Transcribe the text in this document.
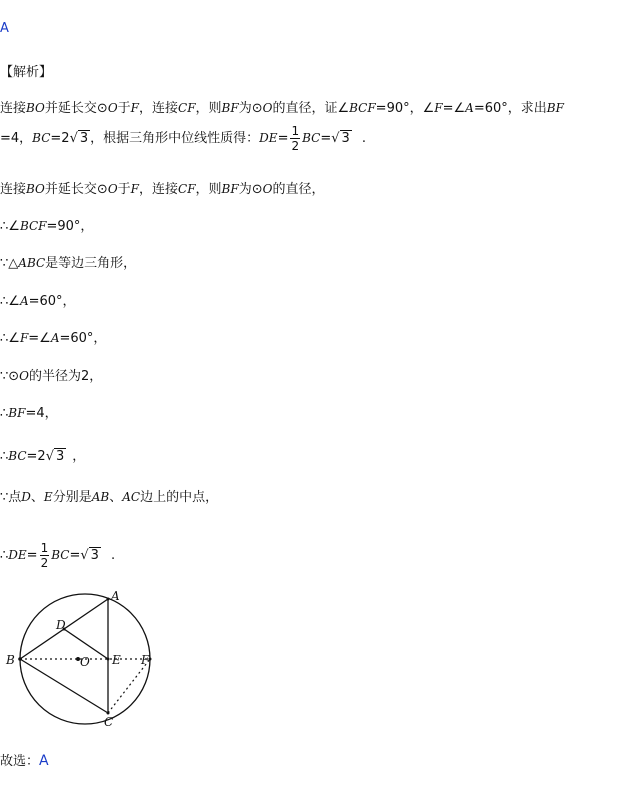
A
【解析】
连接BO并延长交⊙O于F，连接CF，则BF为⊙O的直径，证∠BCF=90°，∠F=∠A=60°，求出BF
=4，BC=2√ 3 ，根据三角形中位线性质得：$DE= \frac{1}{2} BC=√$ 3 .
连接BO并延长交⊙O于F，连接CF，则BF为⊙O的直径，
∴∠BCF=90°，
∵△ABC是等边三角形，
∴∠A=60°，
∴∠F=∠A=60°，
∵⊙O的半径为2，
∴BF=4，
∴BC=2√ 3 ，
∵点D、E分别是AB、AC边上的中点，
∴DE= $\frac{1}{2} BC=√$ 3 .
A
B
C
D
E F
O
故选：A
